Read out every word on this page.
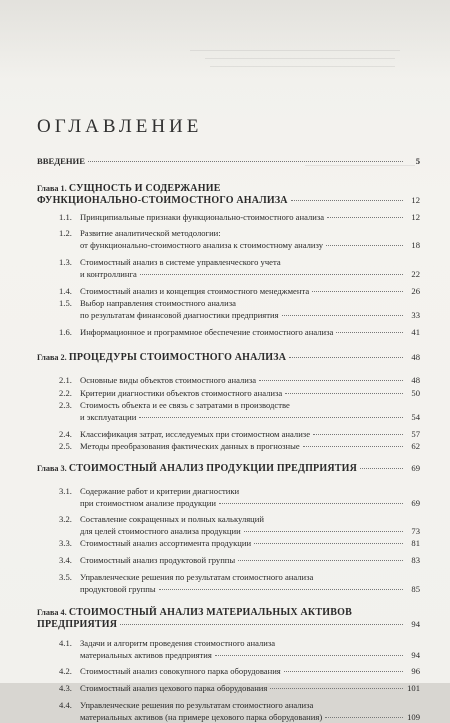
ОГЛАВЛЕНИЕ
ВВЕДЕНИЕ	5
Глава 1. СУЩНОСТЬ И СОДЕРЖАНИЕ
ФУНКЦИОНАЛЬНО-СТОИМОСТНОГО АНАЛИЗА	12
1.1. Принципиальные признаки функционально-стоимостного анализа	12
1.2. Развитие аналитической методологии:
от функционально-стоимостного анализа к стоимостному анализу	18
1.3. Стоимостный анализ в системе управленческого учета
и контроллинга	22
1.4. Стоимостный анализ и концепция стоимостного менеджмента	26
1.5. Выбор направления стоимостного анализа
по результатам финансовой диагностики предприятия	33
1.6. Информационное и программное обеспечение стоимостного анализа	41
Глава 2. ПРОЦЕДУРЫ СТОИМОСТНОГО АНАЛИЗА	48
2.1. Основные виды объектов стоимостного анализа	48
2.2. Критерии диагностики объектов стоимостного анализа	50
2.3. Стоимость объекта и ее связь с затратами в производстве
и эксплуатации	54
2.4. Классификация затрат, исследуемых при стоимостном анализе	57
2.5. Методы преобразования фактических данных в прогнозные	62
Глава 3. СТОИМОСТНЫЙ АНАЛИЗ ПРОДУКЦИИ ПРЕДПРИЯТИЯ	69
3.1. Содержание работ и критерии диагностики
при стоимостном анализе продукции	69
3.2. Составление сокращенных и полных калькуляций
для целей стоимостного анализа продукции	73
3.3. Стоимостный анализ ассортимента продукции	81
3.4. Стоимостный анализ продуктовой группы	83
3.5. Управленческие решения по результатам стоимостного анализа
продуктовой группы	85
Глава 4. СТОИМОСТНЫЙ АНАЛИЗ МАТЕРИАЛЬНЫХ АКТИВОВ
ПРЕДПРИЯТИЯ	94
4.1. Задачи и алгоритм проведения стоимостного анализа
материальных активов предприятия	94
4.2. Стоимостный анализ совокупного парка оборудования	96
4.3. Стоимостный анализ цехового парка оборудования	101
4.4. Управленческие решения по результатам стоимостного анализа
материальных активов (на примере цехового парка оборудования)	109
